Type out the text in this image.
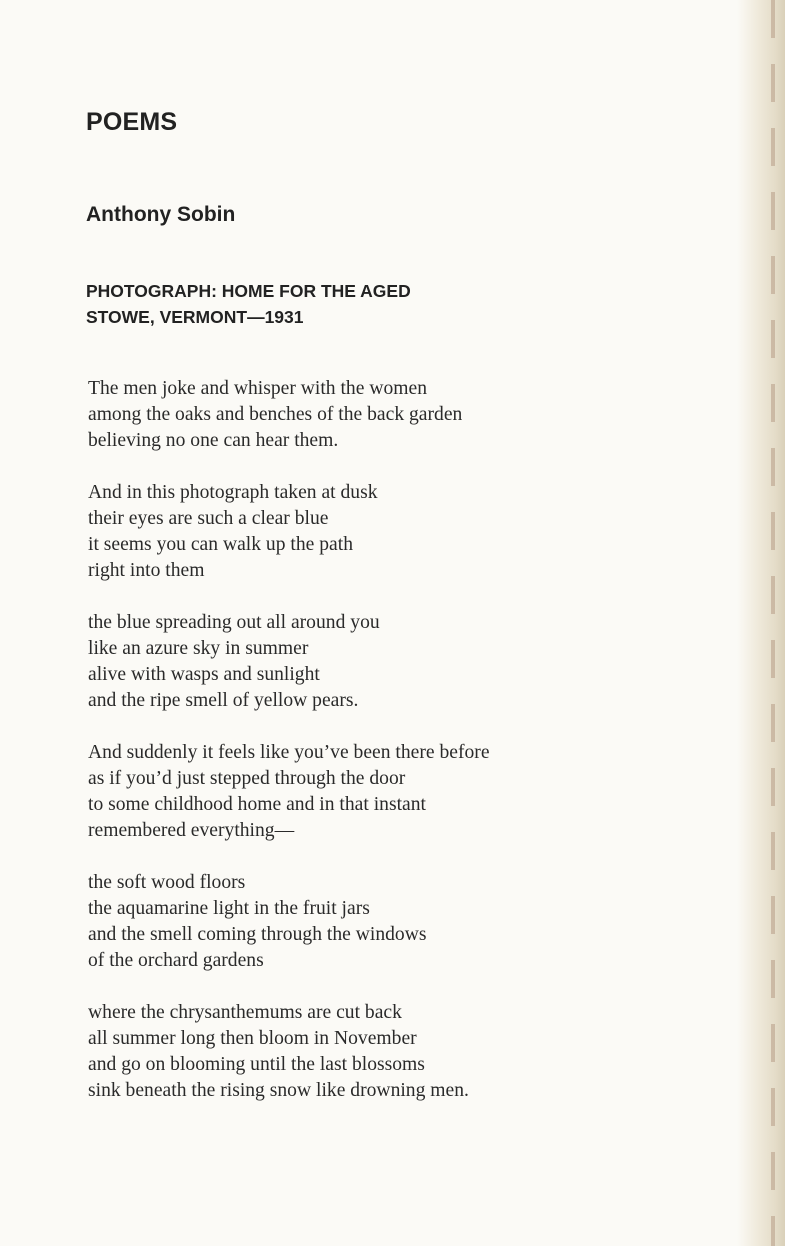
POEMS
Anthony Sobin
PHOTOGRAPH: HOME FOR THE AGED
STOWE, VERMONT—1931
The men joke and whisper with the women
among the oaks and benches of the back garden
believing no one can hear them.
And in this photograph taken at dusk
their eyes are such a clear blue
it seems you can walk up the path
right into them
the blue spreading out all around you
like an azure sky in summer
alive with wasps and sunlight
and the ripe smell of yellow pears.
And suddenly it feels like you’ve been there before
as if you’d just stepped through the door
to some childhood home and in that instant
remembered everything—
the soft wood floors
the aquamarine light in the fruit jars
and the smell coming through the windows
of the orchard gardens
where the chrysanthemums are cut back
all summer long then bloom in November
and go on blooming until the last blossoms
sink beneath the rising snow like drowning men.
